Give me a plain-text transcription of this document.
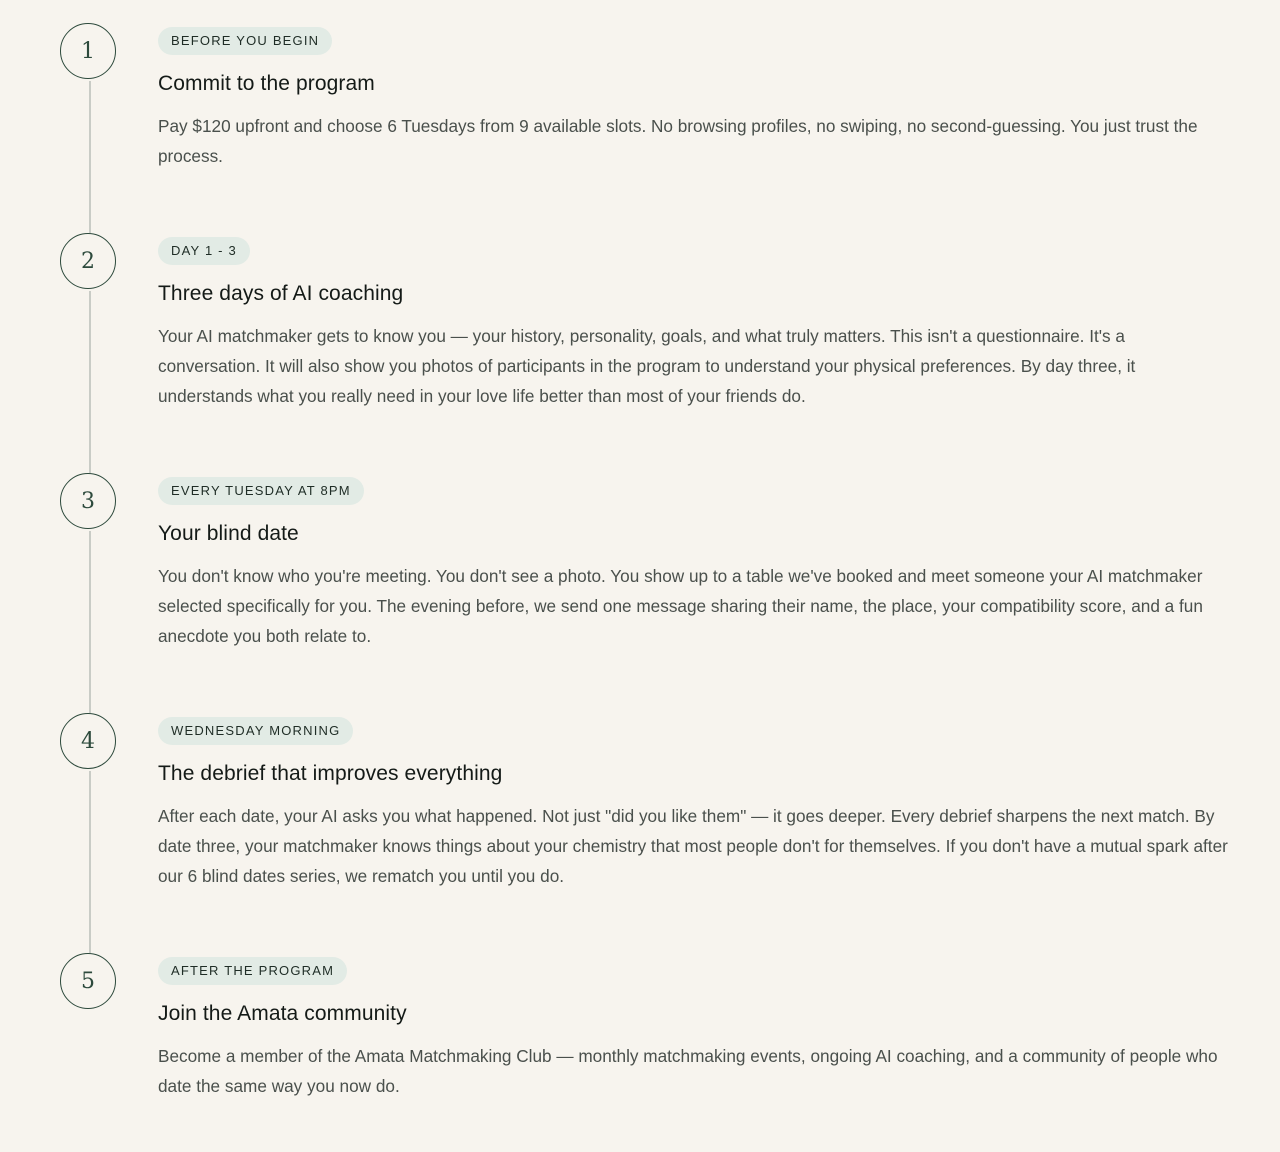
1	BEFORE YOU BEGIN
Commit to the program

Pay $120 upfront and choose 6 Tuesdays from 9 available slots. No browsing profiles, no swiping, no second-guessing. You just trust the process.

2	DAY 1 - 3
Three days of AI coaching

Your AI matchmaker gets to know you — your history, personality, goals, and what truly matters. This isn't a questionnaire. It's a conversation. It will also show you photos of participants in the program to understand your physical preferences. By day three, it understands what you really need in your love life better than most of your friends do.

3	EVERY TUESDAY AT 8PM
Your blind date

You don't know who you're meeting. You don't see a photo. You show up to a table we've booked and meet someone your AI matchmaker selected specifically for you. The evening before, we send one message sharing their name, the place, your compatibility score, and a fun anecdote you both relate to.

4	WEDNESDAY MORNING
The debrief that improves everything

After each date, your AI asks you what happened. Not just "did you like them" — it goes deeper. Every debrief sharpens the next match. By date three, your matchmaker knows things about your chemistry that most people don't for themselves. If you don't have a mutual spark after our 6 blind dates series, we rematch you until you do.

5	AFTER THE PROGRAM
Join the Amata community

Become a member of the Amata Matchmaking Club — monthly matchmaking events, ongoing AI coaching, and a community of people who date the same way you now do.
